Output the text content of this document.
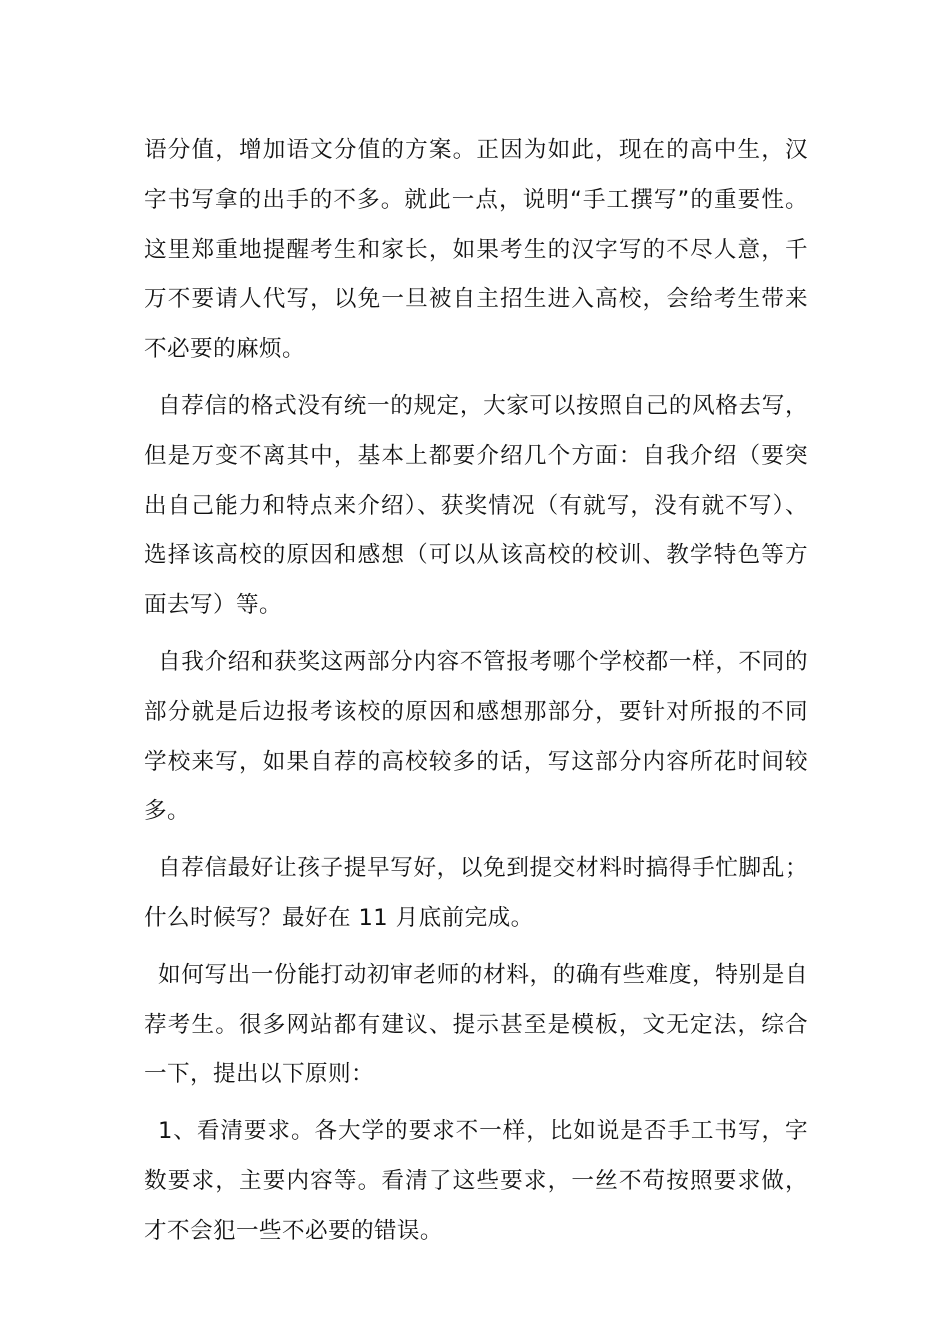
语分值，增加语文分值的方案。正因为如此，现在的高中生，汉字书写拿的出手的不多。就此一点，说明“手工撰写”的重要性。这里郑重地提醒考生和家长，如果考生的汉字写的不尽人意，千万不要请人代写，以免一旦被自主招生进入高校，会给考生带来不必要的麻烦。

自荐信的格式没有统一的规定，大家可以按照自己的风格去写，但是万变不离其中，基本上都要介绍几个方面：自我介绍（要突出自己能力和特点来介绍）、获奖情况（有就写，没有就不写）、选择该高校的原因和感想（可以从该高校的校训、教学特色等方面去写）等。

自我介绍和获奖这两部分内容不管报考哪个学校都一样，不同的部分就是后边报考该校的原因和感想那部分，要针对所报的不同学校来写，如果自荐的高校较多的话，写这部分内容所花时间较多。

自荐信最好让孩子提早写好，以免到提交材料时搞得手忙脚乱；什么时候写？最好在 11 月底前完成。

如何写出一份能打动初审老师的材料，的确有些难度，特别是自荐考生。很多网站都有建议、提示甚至是模板，文无定法，综合一下，提出以下原则：

1、看清要求。各大学的要求不一样，比如说是否手工书写，字数要求，主要内容等。看清了这些要求，一丝不苟按照要求做，才不会犯一些不必要的错误。
